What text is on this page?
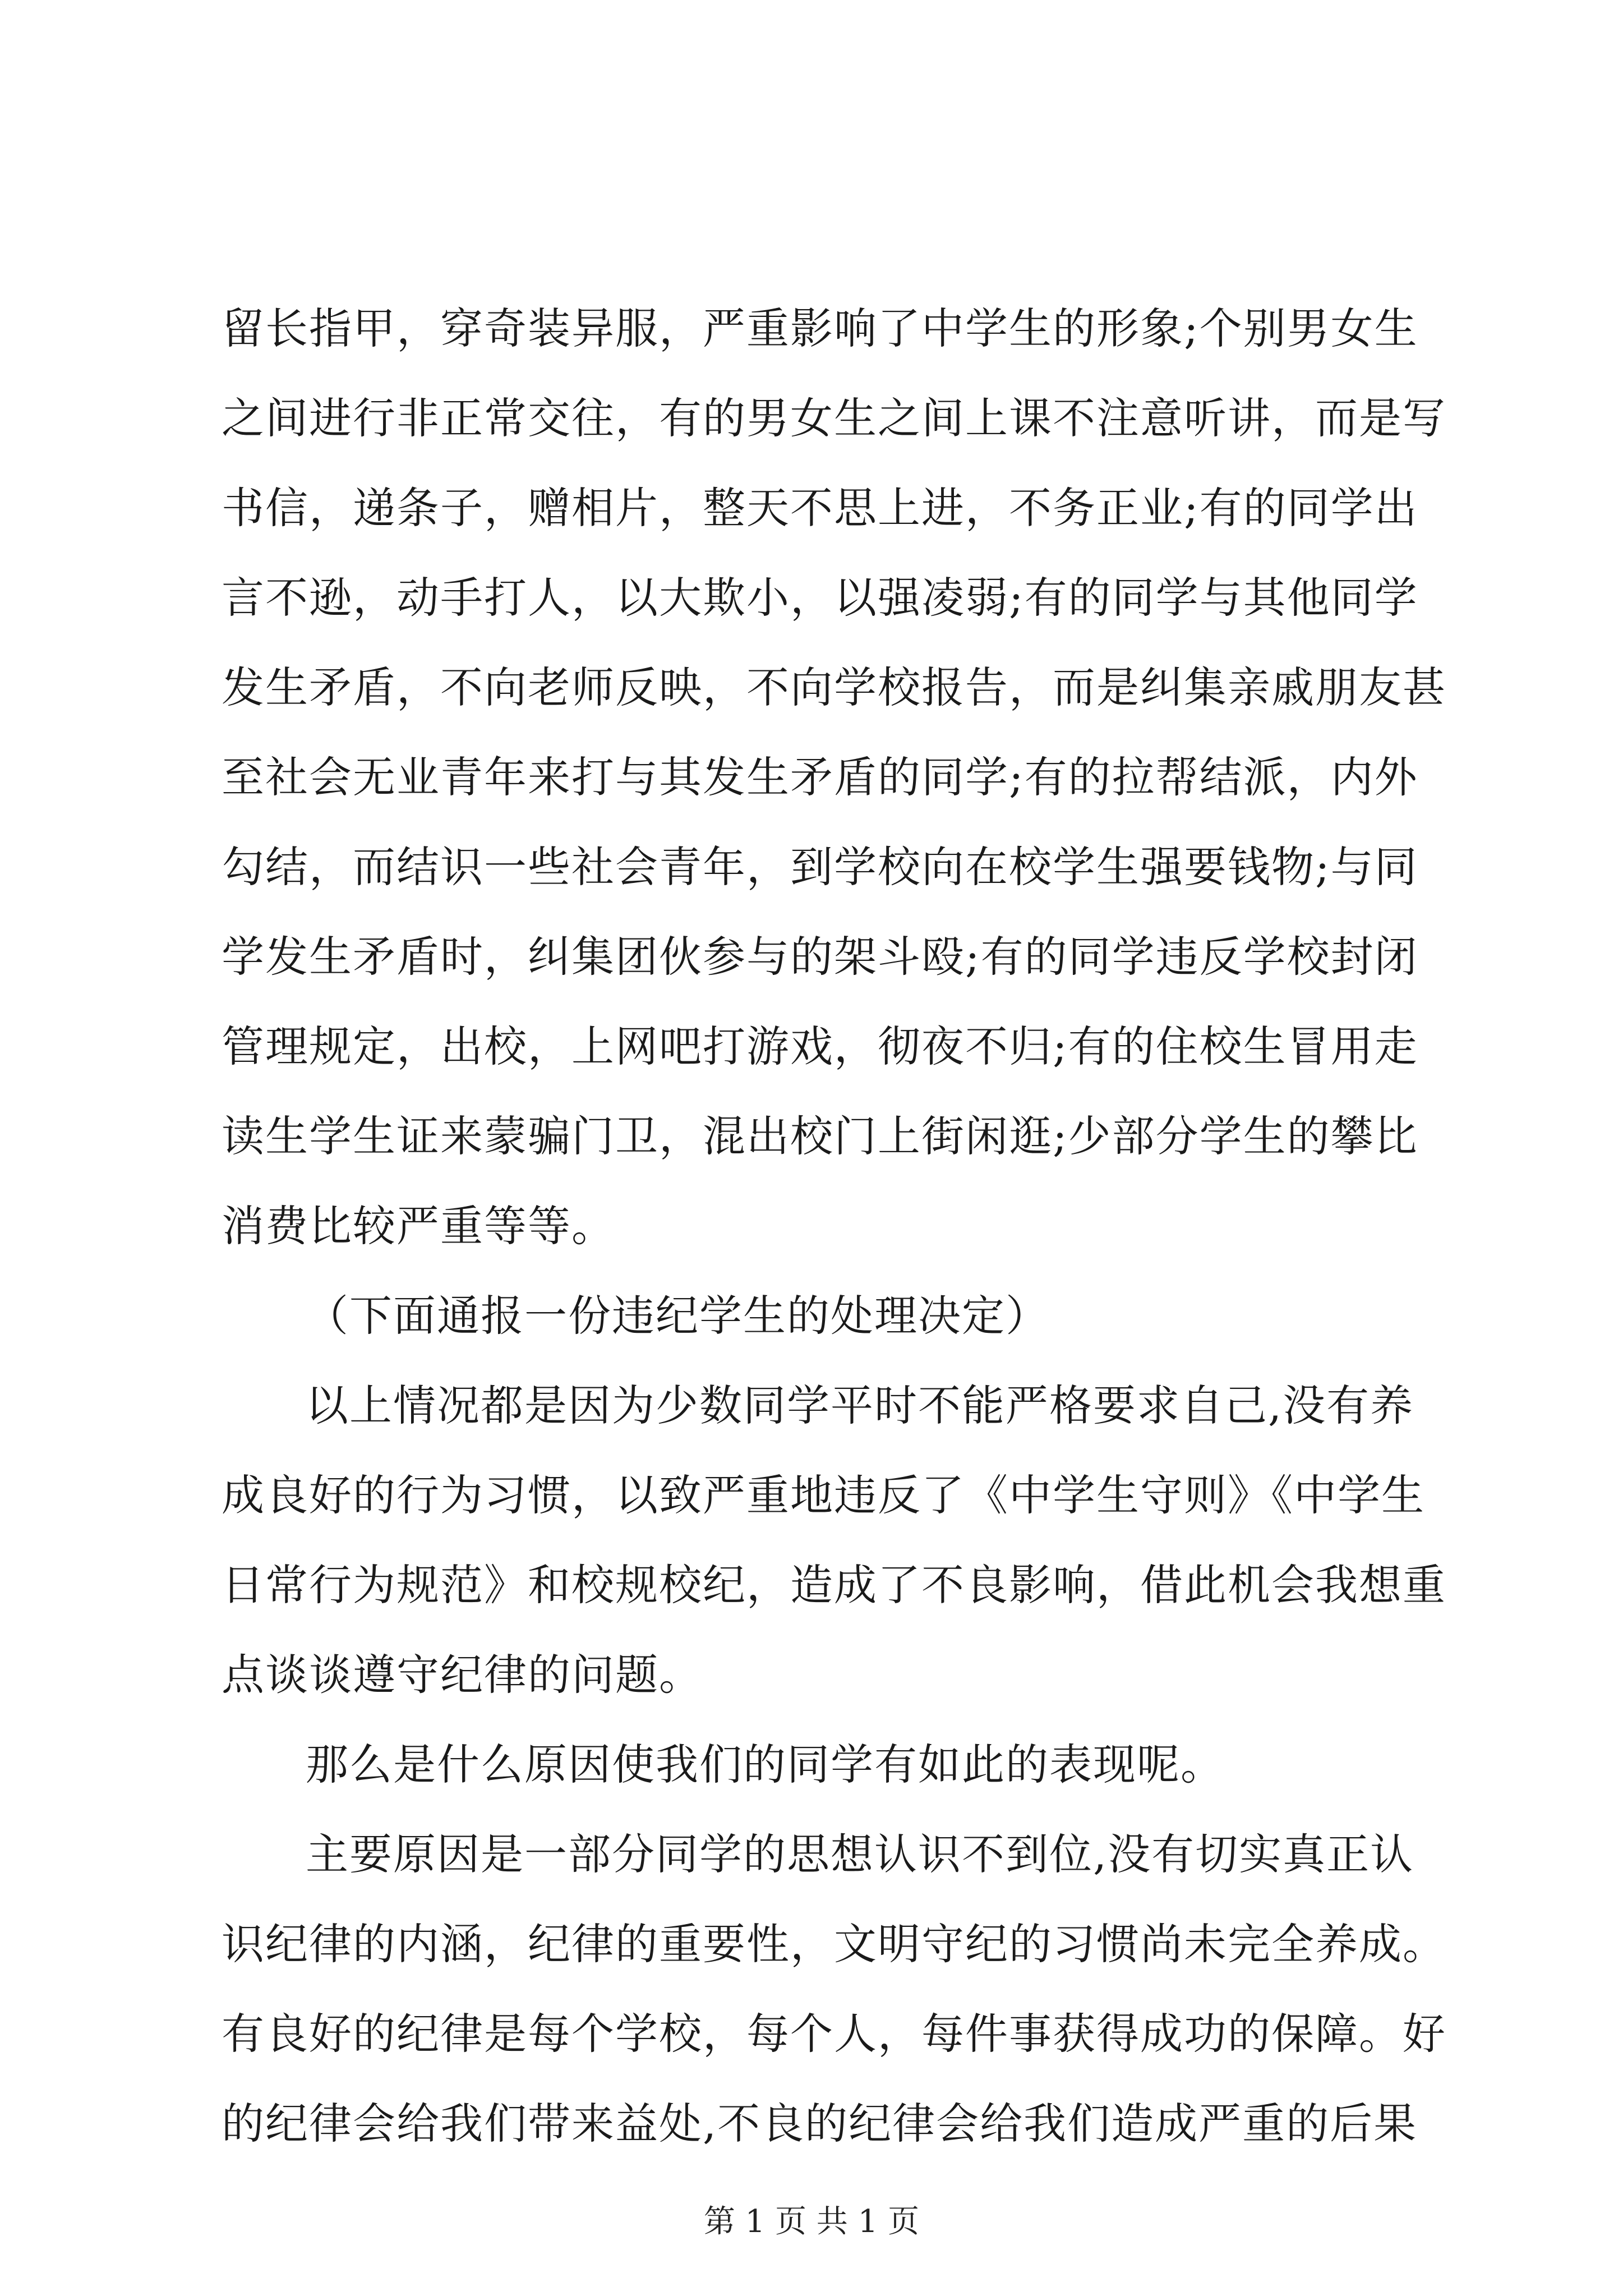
留长指甲，穿奇装异服，严重影响了中学生的形象;个别男女生
之间进行非正常交往，有的男女生之间上课不注意听讲，而是写
书信，递条子，赠相片，整天不思上进，不务正业;有的同学出
言不逊，动手打人，以大欺小，以强凌弱;有的同学与其他同学
发生矛盾，不向老师反映，不向学校报告，而是纠集亲戚朋友甚
至社会无业青年来打与其发生矛盾的同学;有的拉帮结派，内外
勾结，而结识一些社会青年，到学校向在校学生强要钱物;与同
学发生矛盾时，纠集团伙参与的架斗殴;有的同学违反学校封闭
管理规定，出校，上网吧打游戏，彻夜不归;有的住校生冒用走
读生学生证来蒙骗门卫，混出校门上街闲逛;少部分学生的攀比
消费比较严重等等。
（下面通报一份违纪学生的处理决定）
以上情况都是因为少数同学平时不能严格要求自己,没有养
成良好的行为习惯，以致严重地违反了《中学生守则》《中学生
日常行为规范》和校规校纪，造成了不良影响，借此机会我想重
点谈谈遵守纪律的问题。
那么是什么原因使我们的同学有如此的表现呢。
主要原因是一部分同学的思想认识不到位,没有切实真正认
识纪律的内涵，纪律的重要性，文明守纪的习惯尚未完全养成。
有良好的纪律是每个学校，每个人，每件事获得成功的保障。好
的纪律会给我们带来益处,不良的纪律会给我们造成严重的后果
第 1 页 共 1 页
